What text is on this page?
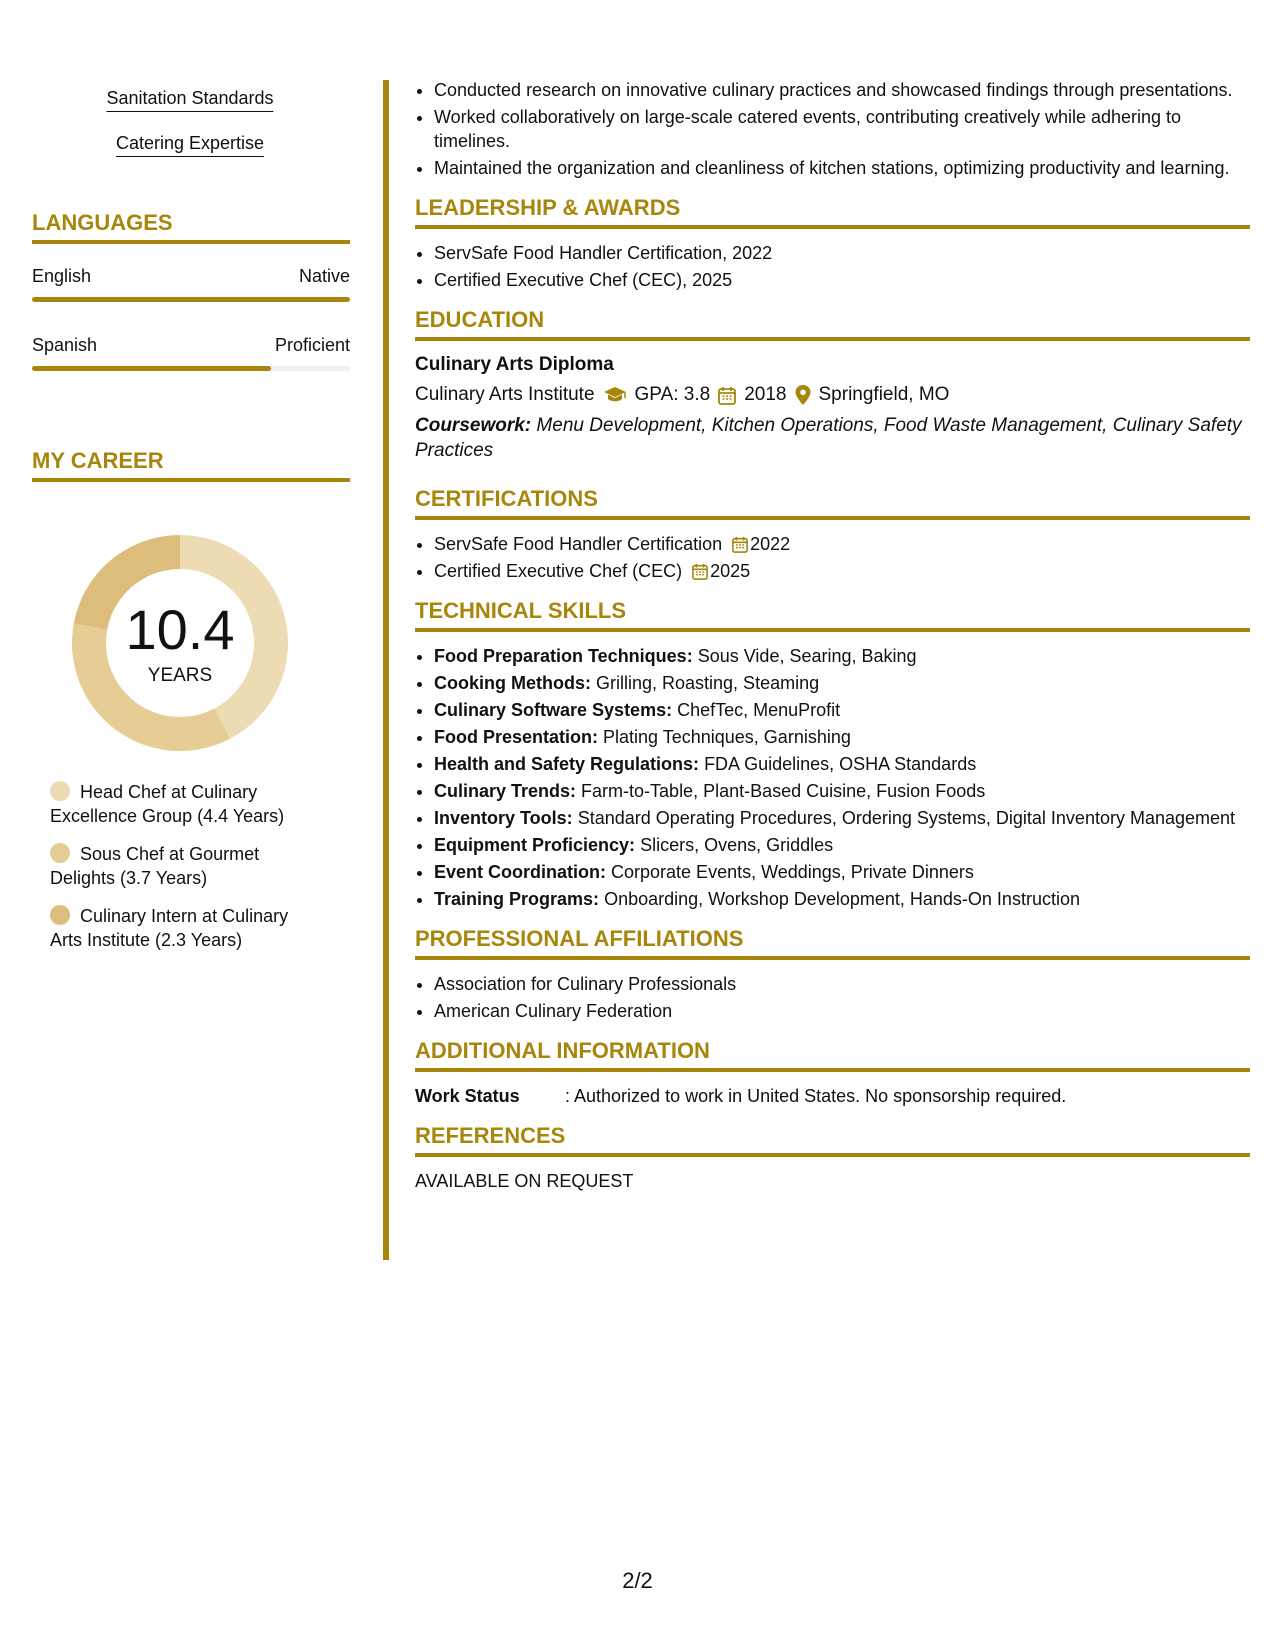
Sanitation Standards
Catering Expertise
LANGUAGES
English	Native
Spanish	Proficient
MY CAREER
10.4
YEARS
Head Chef at Culinary Excellence Group (4.4 Years)
Sous Chef at Gourmet Delights (3.7 Years)
Culinary Intern at Culinary Arts Institute (2.3 Years)
• Conducted research on innovative culinary practices and showcased findings through presentations.
• Worked collaboratively on large-scale catered events, contributing creatively while adhering to timelines.
• Maintained the organization and cleanliness of kitchen stations, optimizing productivity and learning.
LEADERSHIP & AWARDS
• ServSafe Food Handler Certification, 2022
• Certified Executive Chef (CEC), 2025
EDUCATION
Culinary Arts Diploma
Culinary Arts Institute GPA: 3.8 2018 Springfield, MO
Coursework: Menu Development, Kitchen Operations, Food Waste Management, Culinary Safety Practices
CERTIFICATIONS
• ServSafe Food Handler Certification 2022
• Certified Executive Chef (CEC) 2025
TECHNICAL SKILLS
• Food Preparation Techniques: Sous Vide, Searing, Baking
• Cooking Methods: Grilling, Roasting, Steaming
• Culinary Software Systems: ChefTec, MenuProfit
• Food Presentation: Plating Techniques, Garnishing
• Health and Safety Regulations: FDA Guidelines, OSHA Standards
• Culinary Trends: Farm-to-Table, Plant-Based Cuisine, Fusion Foods
• Inventory Tools: Standard Operating Procedures, Ordering Systems, Digital Inventory Management
• Equipment Proficiency: Slicers, Ovens, Griddles
• Event Coordination: Corporate Events, Weddings, Private Dinners
• Training Programs: Onboarding, Workshop Development, Hands-On Instruction
PROFESSIONAL AFFILIATIONS
• Association for Culinary Professionals
• American Culinary Federation
ADDITIONAL INFORMATION
Work Status	: Authorized to work in United States. No sponsorship required.
REFERENCES
AVAILABLE ON REQUEST
2/2
